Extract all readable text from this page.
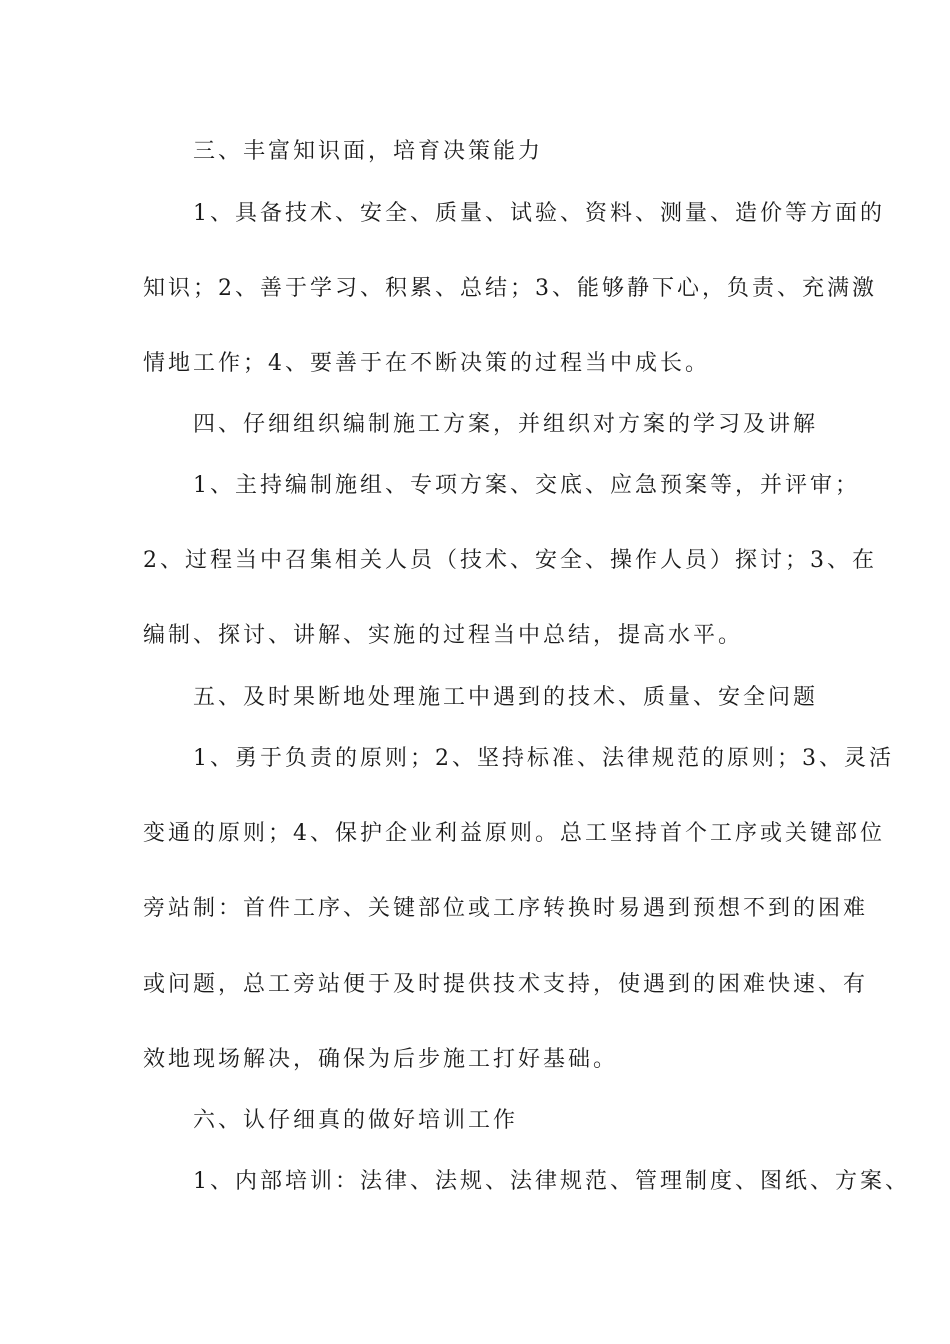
三、丰富知识面，培育决策能力
1、具备技术、安全、质量、试验、资料、测量、造价等方面的
知识；2、善于学习、积累、总结；3、能够静下心，负责、充满激
情地工作；4、要善于在不断决策的过程当中成长。
四、仔细组织编制施工方案，并组织对方案的学习及讲解
1、主持编制施组、专项方案、交底、应急预案等，并评审；
2、过程当中召集相关人员（技术、安全、操作人员）探讨；3、在
编制、探讨、讲解、实施的过程当中总结，提高水平。
五、及时果断地处理施工中遇到的技术、质量、安全问题
1、勇于负责的原则；2、坚持标准、法律规范的原则；3、灵活
变通的原则；4、保护企业利益原则。总工坚持首个工序或关键部位
旁站制：首件工序、关键部位或工序转换时易遇到预想不到的困难
或问题，总工旁站便于及时提供技术支持，使遇到的困难快速、有
效地现场解决，确保为后步施工打好基础。
六、认仔细真的做好培训工作
1、内部培训：法律、法规、法律规范、管理制度、图纸、方案、
